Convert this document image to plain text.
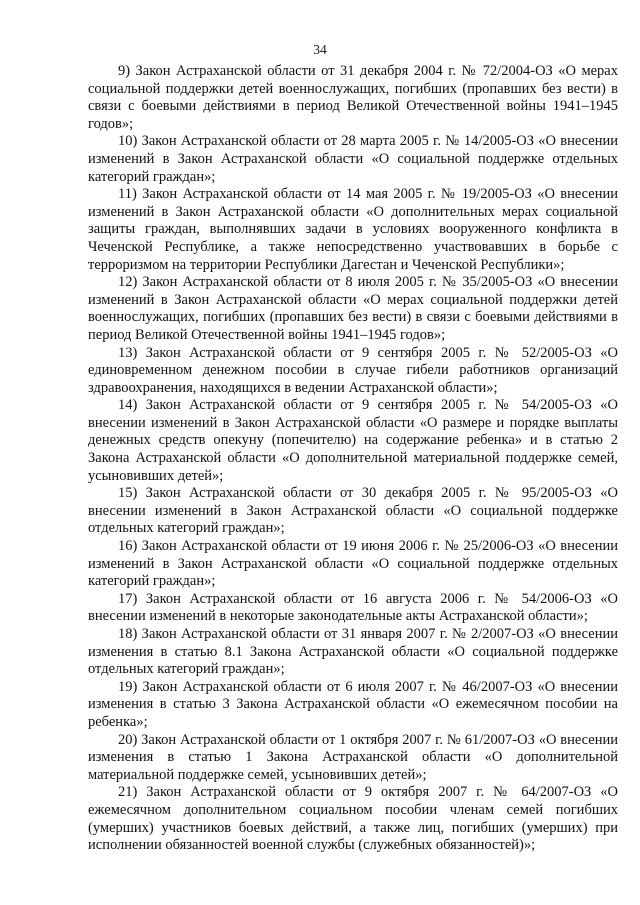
34

9) Закон Астраханской области от 31 декабря 2004 г. № 72/2004-ОЗ «О мерах социальной поддержки детей военнослужащих, погибших (пропавших без вести) в связи с боевыми действиями в период Великой Отечественной войны 1941–1945 годов»;

10) Закон Астраханской области от 28 марта 2005 г. № 14/2005-ОЗ «О внесении изменений в Закон Астраханской области «О социальной поддержке отдельных категорий граждан»;

11) Закон Астраханской области от 14 мая 2005 г. № 19/2005-ОЗ «О внесении изменений в Закон Астраханской области «О дополнительных мерах социальной защиты граждан, выполнявших задачи в условиях вооруженного конфликта в Чеченской Республике, а также непосредственно участвовавших в борьбе с терроризмом на территории Республики Дагестан и Чеченской Республики»;

12) Закон Астраханской области от 8 июля 2005 г. № 35/2005-ОЗ «О внесении изменений в Закон Астраханской области «О мерах социальной поддержки детей военнослужащих, погибших (пропавших без вести) в связи с боевыми действиями в период Великой Отечественной войны 1941–1945 годов»;

13) Закон Астраханской области от 9 сентября 2005 г. № 52/2005-ОЗ «О единовременном денежном пособии в случае гибели работников организаций здравоохранения, находящихся в ведении Астраханской области»;

14) Закон Астраханской области от 9 сентября 2005 г. № 54/2005-ОЗ «О внесении изменений в Закон Астраханской области «О размере и порядке выплаты денежных средств опекуну (попечителю) на содержание ребенка» и в статью 2 Закона Астраханской области «О дополнительной материальной поддержке семей, усыновивших детей»;

15) Закон Астраханской области от 30 декабря 2005 г. № 95/2005-ОЗ «О внесении изменений в Закон Астраханской области «О социальной поддержке отдельных категорий граждан»;

16) Закон Астраханской области от 19 июня 2006 г. № 25/2006-ОЗ «О внесении изменений в Закон Астраханской области «О социальной поддержке отдельных категорий граждан»;

17) Закон Астраханской области от 16 августа 2006 г. № 54/2006-ОЗ «О внесении изменений в некоторые законодательные акты Астраханской области»;

18) Закон Астраханской области от 31 января 2007 г. № 2/2007-ОЗ «О внесении изменения в статью 8.1 Закона Астраханской области «О социальной поддержке отдельных категорий граждан»;

19) Закон Астраханской области от 6 июля 2007 г. № 46/2007-ОЗ «О внесении изменения в статью 3 Закона Астраханской области «О ежемесячном пособии на ребенка»;

20) Закон Астраханской области от 1 октября 2007 г. № 61/2007-ОЗ «О внесении изменения в статью 1 Закона Астраханской области «О дополнительной материальной поддержке семей, усыновивших детей»;

21) Закон Астраханской области от 9 октября 2007 г. № 64/2007-ОЗ «О ежемесячном дополнительном социальном пособии членам семей погибших (умерших) участников боевых действий, а также лиц, погибших (умерших) при исполнении обязанностей военной службы (служебных обязанностей)»;
